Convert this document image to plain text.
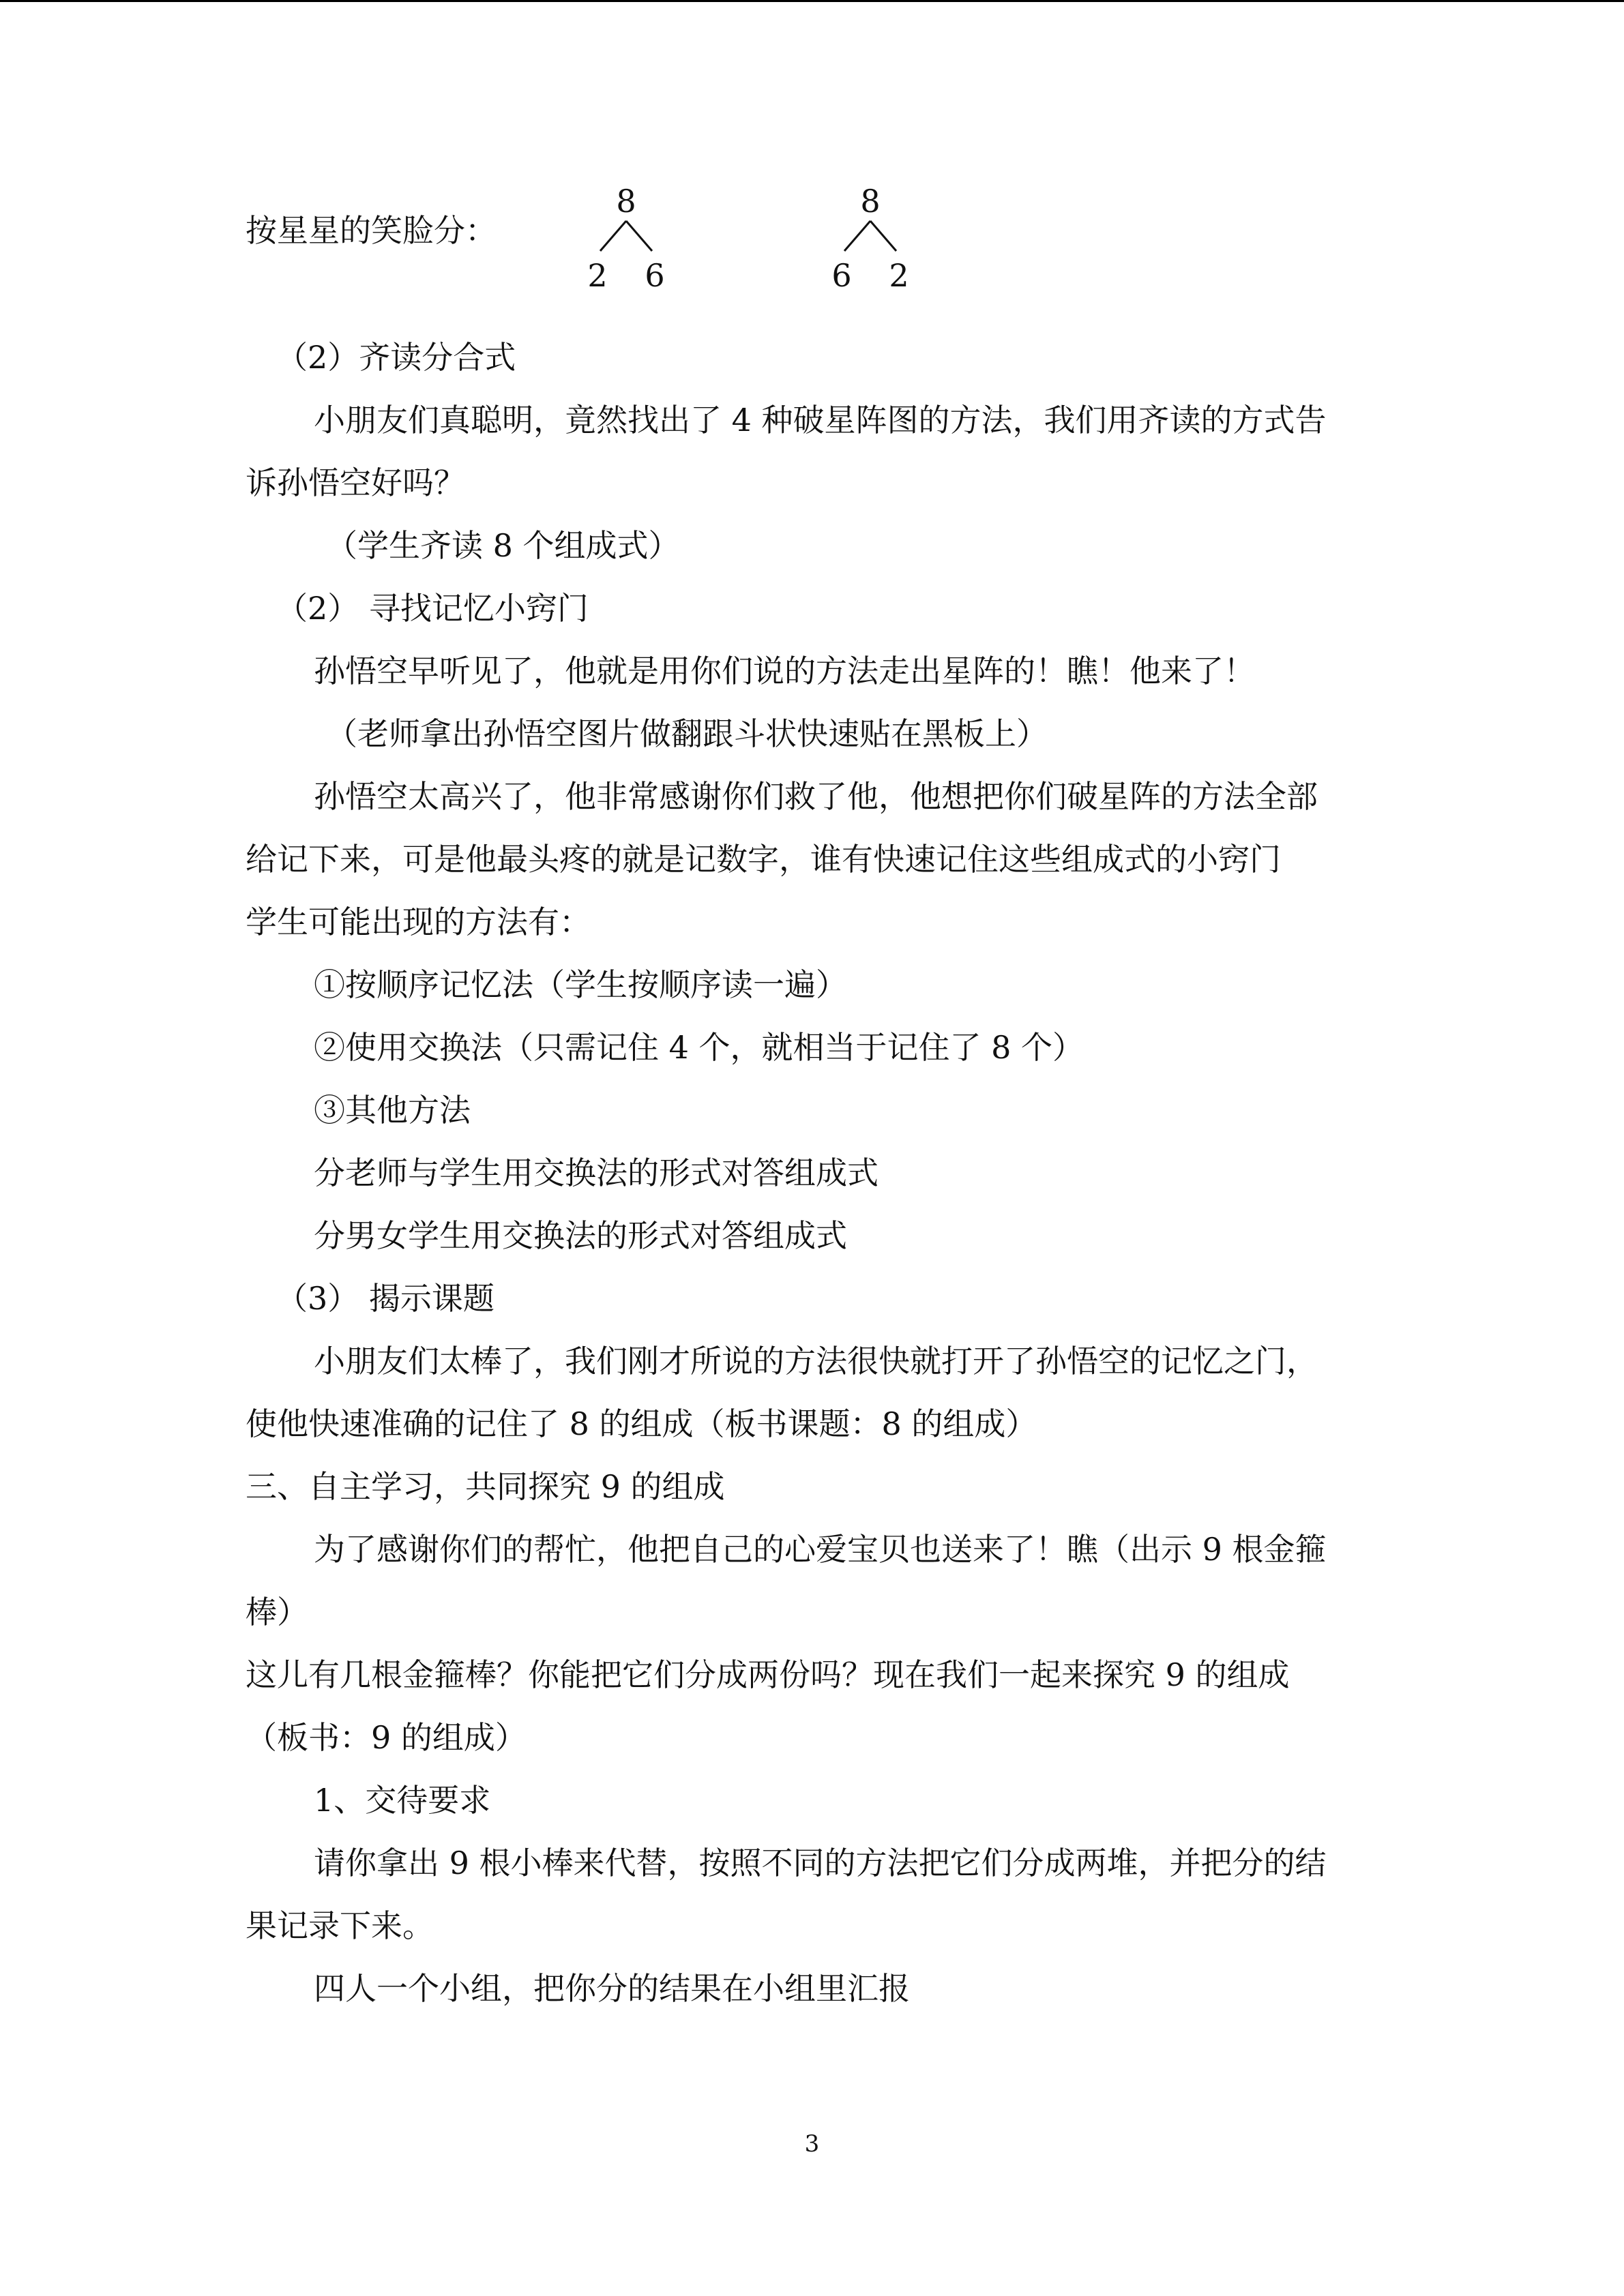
按星星的笑脸分：
8
2	6
8
6	2
（2）齐读分合式
小朋友们真聪明，竟然找出了 4 种破星阵图的方法，我们用齐读的方式告
诉孙悟空好吗？
（学生齐读 8 个组成式）
（2） 寻找记忆小窍门
孙悟空早听见了，他就是用你们说的方法走出星阵的！瞧！他来了！
（老师拿出孙悟空图片做翻跟斗状快速贴在黑板上）
孙悟空太高兴了，他非常感谢你们救了他，他想把你们破星阵的方法全部
给记下来，可是他最头疼的就是记数字，谁有快速记住这些组成式的小窍门
学生可能出现的方法有：
①按顺序记忆法（学生按顺序读一遍）
②使用交换法（只需记住 4 个，就相当于记住了 8 个）
③其他方法
分老师与学生用交换法的形式对答组成式
分男女学生用交换法的形式对答组成式
（3） 揭示课题
小朋友们太棒了，我们刚才所说的方法很快就打开了孙悟空的记忆之门，
使他快速准确的记住了 8 的组成（板书课题：8 的组成）
三、自主学习，共同探究 9 的组成
为了感谢你们的帮忙，他把自己的心爱宝贝也送来了！瞧（出示 9 根金箍
棒）
这儿有几根金箍棒？你能把它们分成两份吗？现在我们一起来探究 9 的组成
（板书：9 的组成）
1、交待要求
请你拿出 9 根小棒来代替，按照不同的方法把它们分成两堆，并把分的结
果记录下来。
四人一个小组，把你分的结果在小组里汇报
3
